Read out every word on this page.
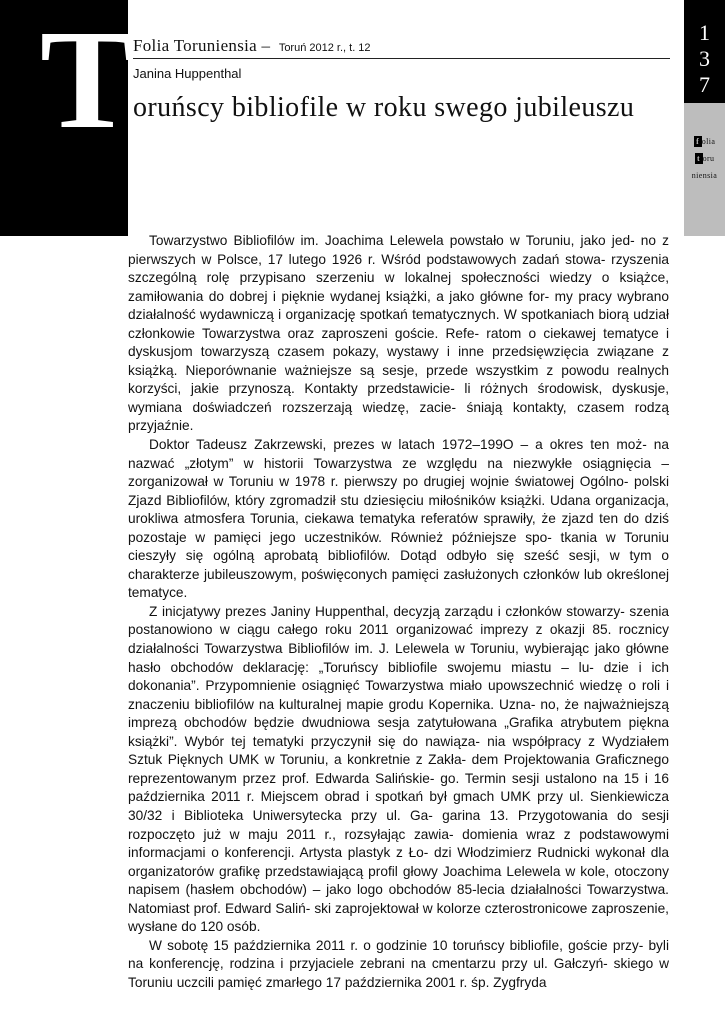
T
Folia Toruniensia – Toruń 2012 r., t. 12
Janina Huppenthal
oruńscy bibliofile w roku swego jubileuszu
1
3
7
f olia
t oru
niensia

Towarzystwo Bibliofilów im. Joachima Lelewela powstało w Toruniu, jako jed- no z pierwszych w Polsce, 17 lutego 1926 r. Wśród podstawowych zadań stowa- rzyszenia szczególną rolę przypisano szerzeniu w lokalnej społeczności wiedzy o książce, zamiłowania do dobrej i pięknie wydanej książki, a jako główne for- my pracy wybrano działalność wydawniczą i organizację spotkań tematycznych. W spotkaniach biorą udział członkowie Towarzystwa oraz zaproszeni goście. Refe- ratom o ciekawej tematyce i dyskusjom towarzyszą czasem pokazy, wystawy i inne przedsięwzięcia związane z książką. Nieporównanie ważniejsze są sesje, przede wszystkim z powodu realnych korzyści, jakie przynoszą. Kontakty przedstawicie- li różnych środowisk, dyskusje, wymiana doświadczeń rozszerzają wiedzę, zacie- śniają kontakty, czasem rodzą przyjaźnie.

Doktor Tadeusz Zakrzewski, prezes w latach 1972–199O – a okres ten moż- na nazwać „złotym” w historii Towarzystwa ze względu na niezwykłe osiągnięcia – zorganizował w Toruniu w 1978 r. pierwszy po drugiej wojnie światowej Ogólno- polski Zjazd Bibliofilów, który zgromadził stu dziesięciu miłośników książki. Udana organizacja, urokliwa atmosfera Torunia, ciekawa tematyka referatów sprawiły, że zjazd ten do dziś pozostaje w pamięci jego uczestników. Również późniejsze spo- tkania w Toruniu cieszyły się ogólną aprobatą bibliofilów. Dotąd odbyło się sześć sesji, w tym o charakterze jubileuszowym, poświęconych pamięci zasłużonych członków lub określonej tematyce.

Z inicjatywy prezes Janiny Huppenthal, decyzją zarządu i członków stowarzy- szenia postanowiono w ciągu całego roku 2011 organizować imprezy z okazji 85. rocznicy działalności Towarzystwa Bibliofilów im. J. Lelewela w Toruniu, wybierając jako główne hasło obchodów deklarację: „Toruńscy bibliofile swojemu miastu – lu- dzie i ich dokonania”. Przypomnienie osiągnięć Towarzystwa miało upowszechnić wiedzę o roli i znaczeniu bibliofilów na kulturalnej mapie grodu Kopernika. Uzna- no, że najważniejszą imprezą obchodów będzie dwudniowa sesja zatytułowana „Grafika atrybutem piękna książki”. Wybór tej tematyki przyczynił się do nawiąza- nia współpracy z Wydziałem Sztuk Pięknych UMK w Toruniu, a konkretnie z Zakła- dem Projektowania Graficznego reprezentowanym przez prof. Edwarda Salińskie- go. Termin sesji ustalono na 15 i 16 października 2011 r. Miejscem obrad i spotkań był gmach UMK przy ul. Sienkiewicza 30/32 i Biblioteka Uniwersytecka przy ul. Ga- garina 13. Przygotowania do sesji rozpoczęto już w maju 2011 r., rozsyłając zawia- domienia wraz z podstawowymi informacjami o konferencji. Artysta plastyk z Ło- dzi Włodzimierz Rudnicki wykonał dla organizatorów grafikę przedstawiającą profil głowy Joachima Lelewela w kole, otoczony napisem (hasłem obchodów) – jako logo obchodów 85-lecia działalności Towarzystwa. Natomiast prof. Edward Saliń- ski zaprojektował w kolorze czterostronicowe zaproszenie, wysłane do 120 osób.

W sobotę 15 października 2011 r. o godzinie 10 toruńscy bibliofile, goście przy- byli na konferencję, rodzina i przyjaciele zebrani na cmentarzu przy ul. Gałczyń- skiego w Toruniu uczcili pamięć zmarłego 17 października 2001 r. śp. Zygfryda
